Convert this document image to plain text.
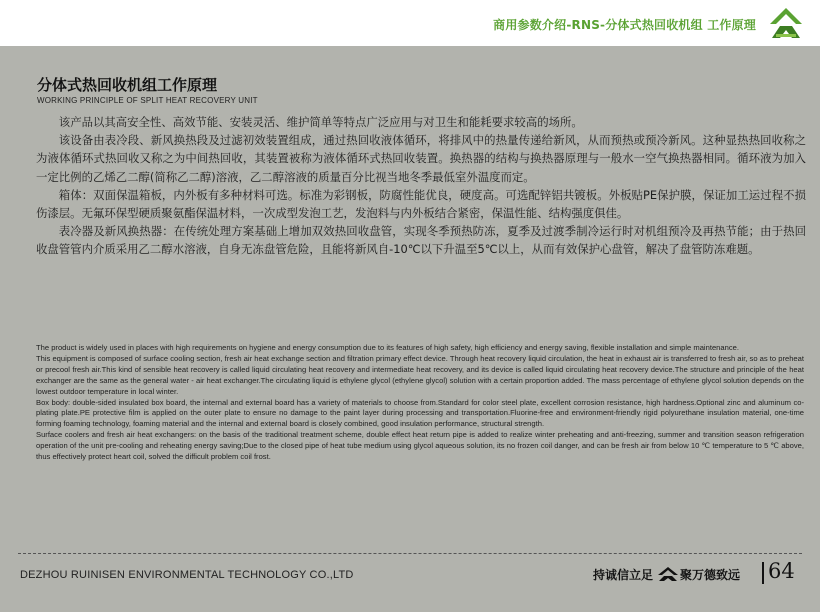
商用参数介绍-RNS-分体式热回收机组 工作原理
分体式热回收机组工作原理
WORKING PRINCIPLE OF SPLIT HEAT RECOVERY UNIT

该产品以其高安全性、高效节能、安装灵活、维护简单等特点广泛应用与对卫生和能耗要求较高的场所。

该设备由表冷段、新风换热段及过滤初效装置组成，通过热回收液体循环，将排风中的热量传递给新风，从而预热或预冷新风。这种显热热回收称之为液体循环式热回收又称之为中间热回收，其装置被称为液体循环式热回收装置。换热器的结构与换热器原理与一般水一空气换热器相同。循环液为加入一定比例的乙烯乙二醇(简称乙二醇)溶液，乙二醇溶液的质量百分比视当地冬季最低室外温度而定。

箱体：双面保温箱板，内外板有多种材料可选。标准为彩钢板，防腐性能优良，硬度高。可选配锌铝共镀板。外板贴PE保护膜，保证加工运过程不损伤漆层。无氟环保型硬质聚氨酯保温材料，一次成型发泡工艺，发泡料与内外板结合紧密，保温性能、结构强度俱佳。

表冷器及新风换热器：在传统处理方案基础上增加双效热回收盘管，实现冬季预热防冻，夏季及过渡季制冷运行时对机组预冷及再热节能；由于热回收盘管管内介质采用乙二醇水溶液，自身无冻盘管危险，且能将新风自-10℃以下升温至5℃以上，从而有效保护心盘管，解决了盘管防冻难题。

The product is widely used in places with high requirements on hygiene and energy consumption due to its features of high safety, high efficiency and energy saving, flexible installation and simple maintenance.

This equipment is composed of surface cooling section, fresh air heat exchange section and filtration primary effect device. Through heat recovery liquid circulation, the heat in exhaust air is transferred to fresh air, so as to preheat or precool fresh air.This kind of sensible heat recovery is called liquid circulating heat recovery and intermediate heat recovery, and its device is called liquid circulating heat recovery device.The structure and principle of the heat exchanger are the same as the general water - air heat exchanger.The circulating liquid is ethylene glycol (ethylene glycol) solution with a certain proportion added. The mass percentage of ethylene glycol solution depends on the lowest outdoor temperature in local winter.

Box body: double-sided insulated box board, the internal and external board has a variety of materials to choose from.Standard for color steel plate, excellent corrosion resistance, high hardness.Optional zinc and aluminum co-plating plate.PE protective film is applied on the outer plate to ensure no damage to the paint layer during processing and transportation.Fluorine-free and environment-friendly rigid polyurethane insulation material, one-time forming foaming technology, foaming material and the internal and external board is closely combined, good insulation performance, structural strength.

Surface coolers and fresh air heat exchangers: on the basis of the traditional treatment scheme, double effect heat return pipe is added to realize winter preheating and anti-freezing, summer and transition season refrigeration operation of the unit pre-cooling and reheating energy saving;Due to the closed pipe of heat tube medium using glycol aqueous solution, its no frozen coil danger, and can be fresh air from below 10 ℃ temperature to 5 ℃ above, thus effectively protect heart coil, solved the difficult problem coil frost.

DEZHOU RUINISEN ENVIRONMENTAL TECHNOLOGY CO.,LTD	持诚信立足 聚万德致远 64
